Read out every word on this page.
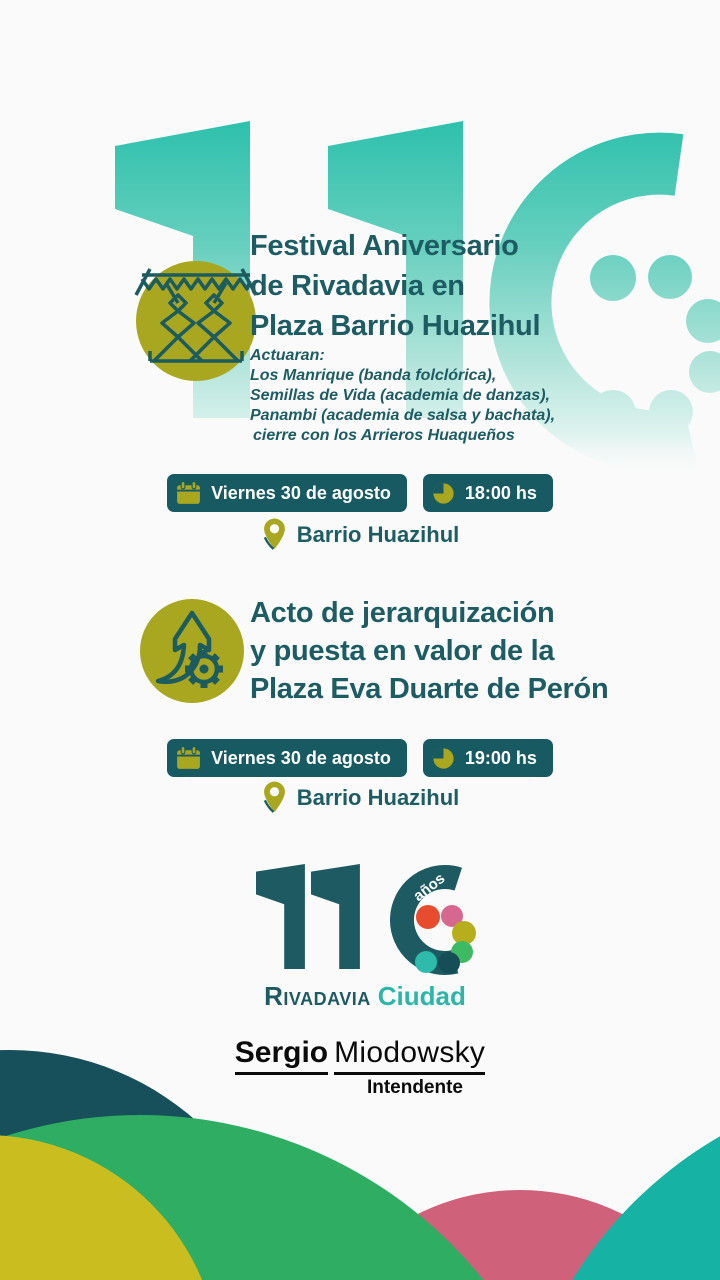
Festival Aniversario
de Rivadavia en
Plaza Barrio Huazihul
Actuaran:
Los Manrique (banda folclórica),
Semillas de Vida (academia de danzas),
Panambi (academia de salsa y bachata),
cierre con los Arrieros Huaqueños
Viernes 30 de agosto	18:00 hs
Barrio Huazihul
Acto de jerarquización
y puesta en valor de la
Plaza Eva Duarte de Perón
Viernes 30 de agosto	19:00 hs
Barrio Huazihul
años
Rivadavia Ciudad
Sergio Miodowsky
Intendente
